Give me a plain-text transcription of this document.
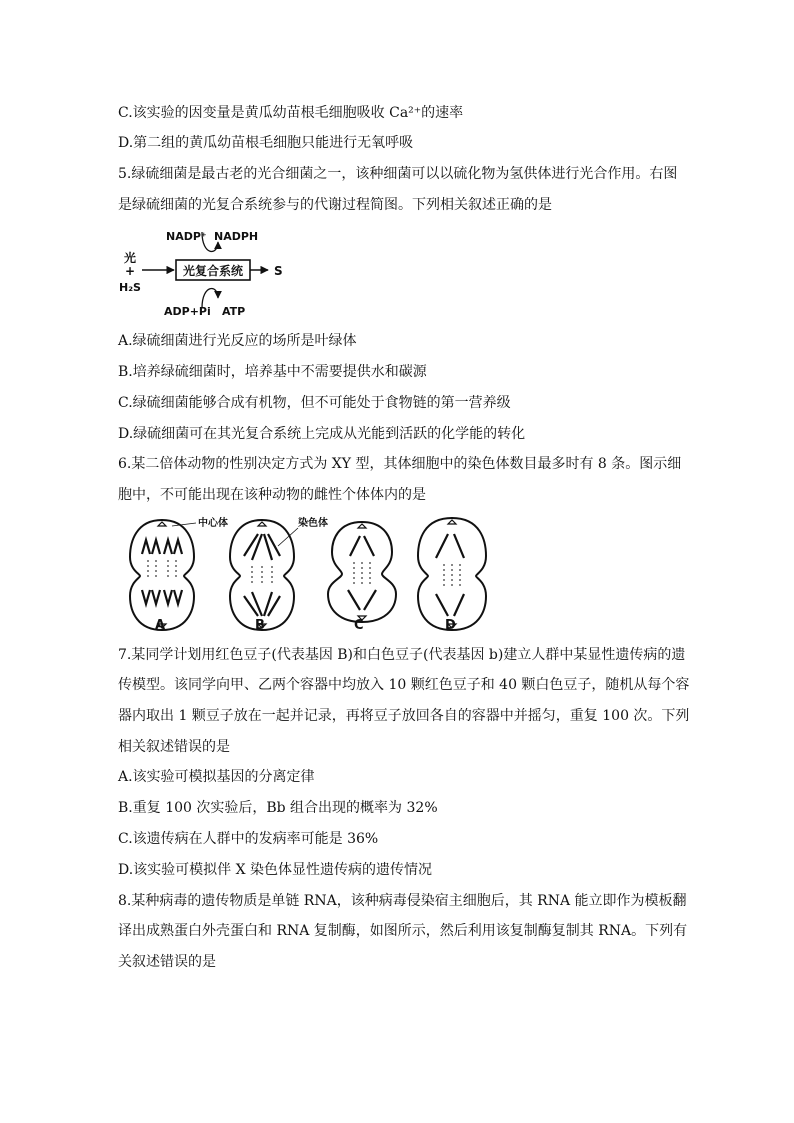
C.该实验的因变量是黄瓜幼苗根毛细胞吸收 Ca²⁺的速率
D.第二组的黄瓜幼苗根毛细胞只能进行无氧呼吸
5.绿硫细菌是最古老的光合细菌之一，该种细菌可以以硫化物为氢供体进行光合作用。右图
是绿硫细菌的光复合系统参与的代谢过程简图。下列相关叙述正确的是
光复合系统
光
+
H₂S
S
NADP⁺ NADPH
ADP+Pi ATP
A.绿硫细菌进行光反应的场所是叶绿体
B.培养绿硫细菌时，培养基中不需要提供水和碳源
C.绿硫细菌能够合成有机物，但不可能处于食物链的第一营养级
D.绿硫细菌可在其光复合系统上完成从光能到活跃的化学能的转化
6.某二倍体动物的性别决定方式为 XY 型，其体细胞中的染色体数目最多时有 8 条。图示细
胞中，不可能出现在该种动物的雌性个体体内的是
中心体	染色体
A	B	C	D
7.某同学计划用红色豆子(代表基因 B)和白色豆子(代表基因 b)建立人群中某显性遗传病的遗
传模型。该同学向甲、乙两个容器中均放入 10 颗红色豆子和 40 颗白色豆子，随机从每个容
器内取出 1 颗豆子放在一起并记录，再将豆子放回各自的容器中并摇匀，重复 100 次。下列
相关叙述错误的是
A.该实验可模拟基因的分离定律
B.重复 100 次实验后，Bb 组合出现的概率为 32%
C.该遗传病在人群中的发病率可能是 36%
D.该实验可模拟伴 X 染色体显性遗传病的遗传情况
8.某种病毒的遗传物质是单链 RNA，该种病毒侵染宿主细胞后，其 RNA 能立即作为模板翻
译出成熟蛋白外壳蛋白和 RNA 复制酶，如图所示，然后利用该复制酶复制其 RNA。下列有
关叙述错误的是
